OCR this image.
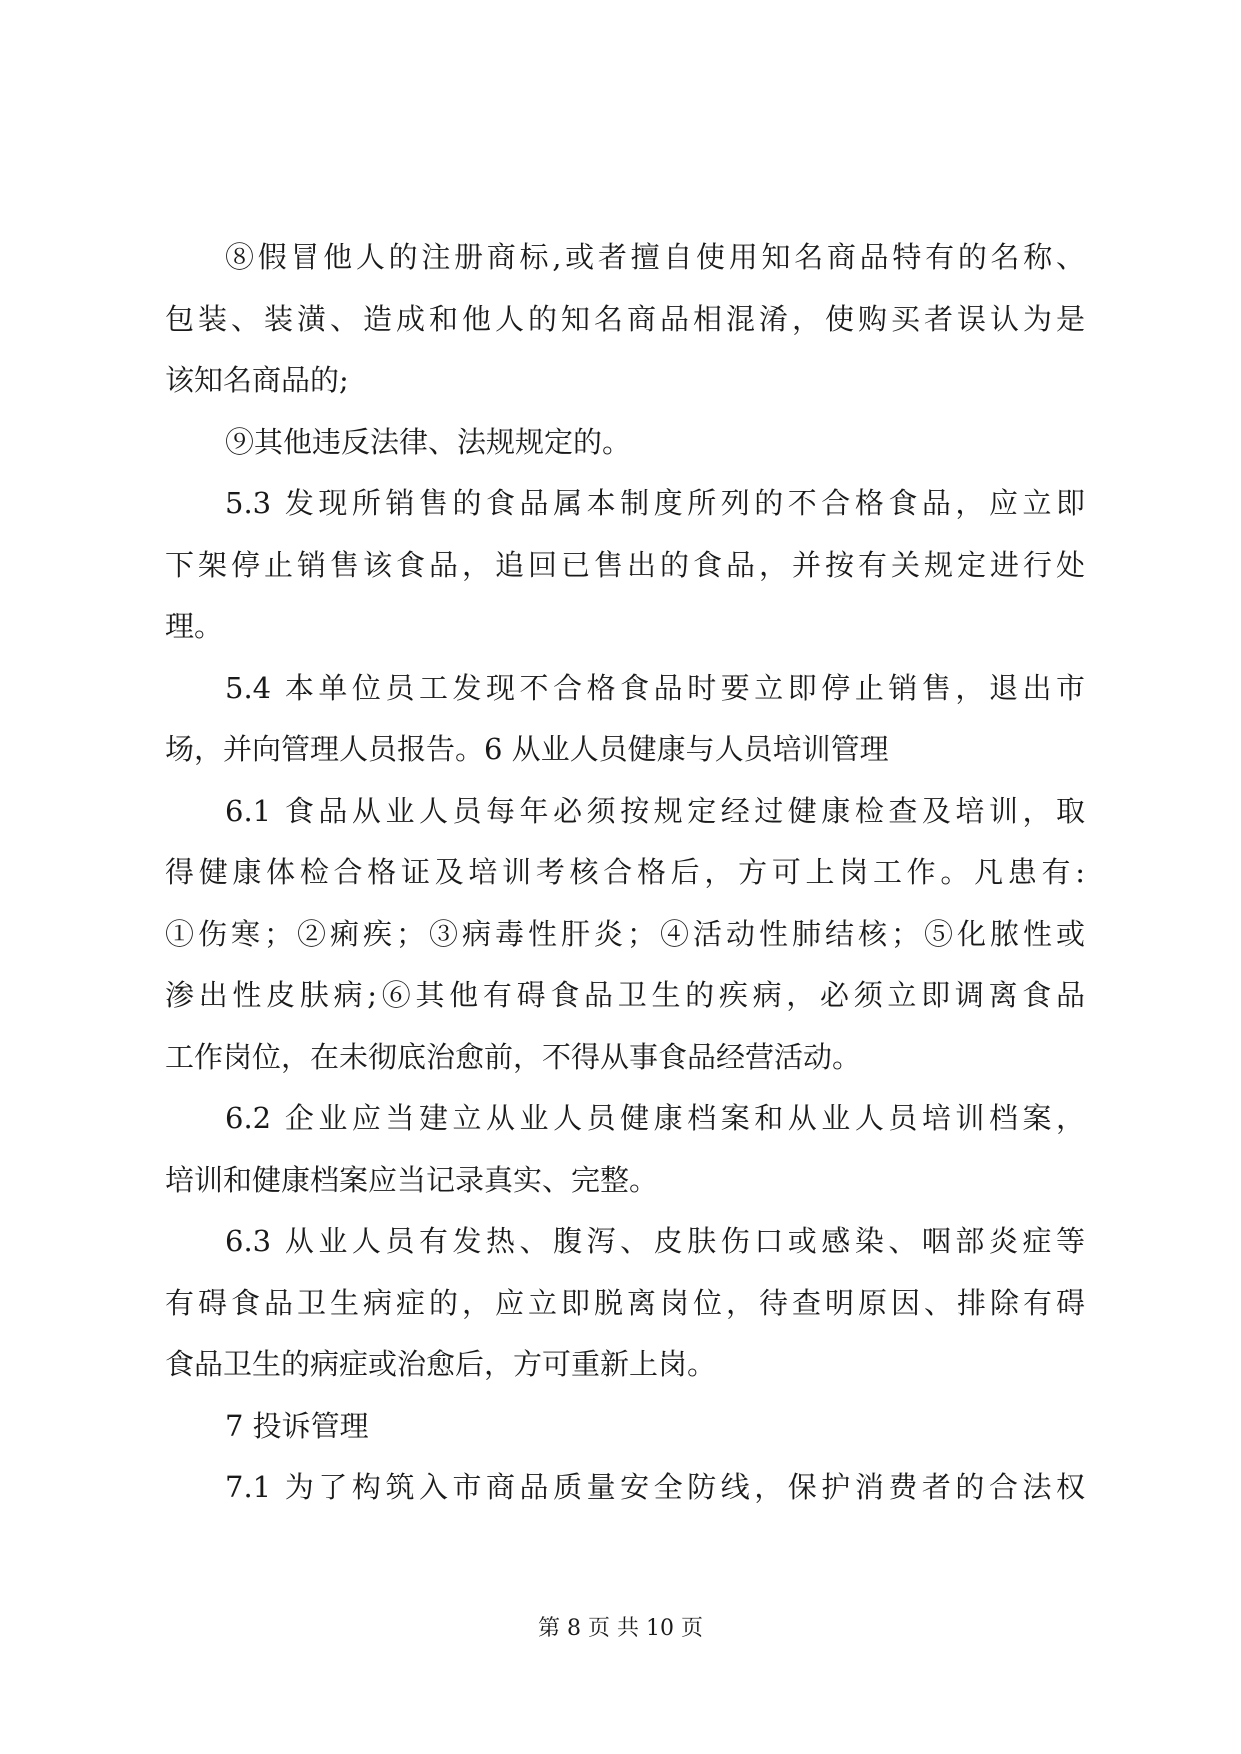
⑧假冒他人的注册商标,或者擅自使用知名商品特有的名称、
包装、装潢、造成和他人的知名商品相混淆，使购买者误认为是
该知名商品的;
⑨其他违反法律、法规规定的。
5.3 发现所销售的食品属本制度所列的不合格食品，应立即
下架停止销售该食品，追回已售出的食品，并按有关规定进行处
理。
5.4 本单位员工发现不合格食品时要立即停止销售，退出市
场，并向管理人员报告。6 从业人员健康与人员培训管理
6.1 食品从业人员每年必须按规定经过健康检查及培训，取
得健康体检合格证及培训考核合格后，方可上岗工作。凡患有:
①伤寒；②痢疾；③病毒性肝炎；④活动性肺结核；⑤化脓性或
渗出性皮肤病;⑥其他有碍食品卫生的疾病，必须立即调离食品
工作岗位，在未彻底治愈前，不得从事食品经营活动。
6.2 企业应当建立从业人员健康档案和从业人员培训档案，
培训和健康档案应当记录真实、完整。
6.3 从业人员有发热、腹泻、皮肤伤口或感染、咽部炎症等
有碍食品卫生病症的，应立即脱离岗位，待查明原因、排除有碍
食品卫生的病症或治愈后，方可重新上岗。
7 投诉管理
7.1 为了构筑入市商品质量安全防线，保护消费者的合法权
第 8 页 共 10 页
